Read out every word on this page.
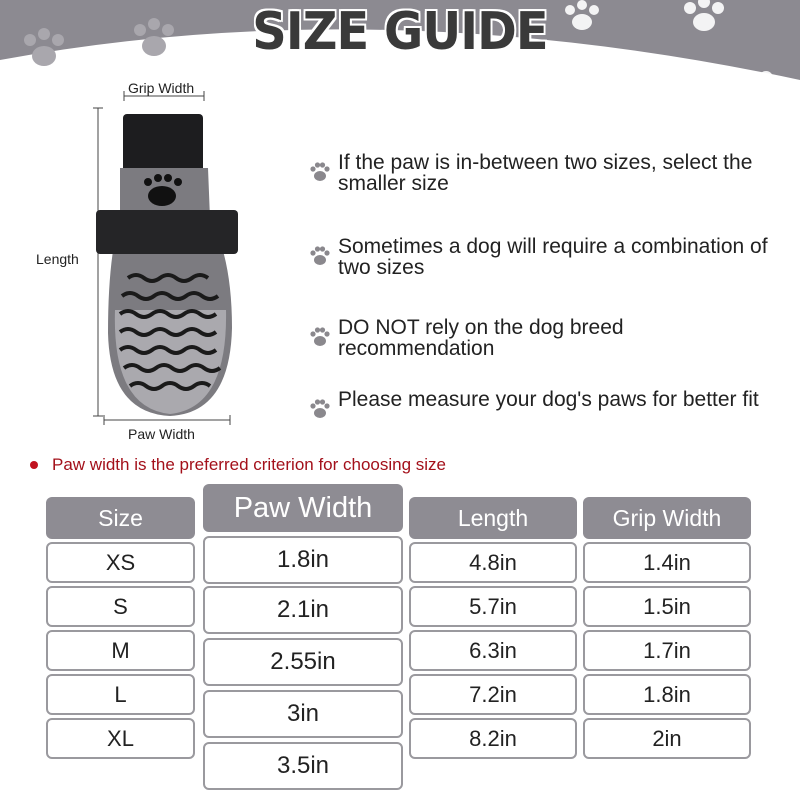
SIZE GUIDE
Grip Width
Length
Paw Width
If the paw is in-between two sizes, select the smaller size
Sometimes a dog will require a combination of two sizes
DO NOT rely on the dog breed recommendation
Please measure your dog's paws for better fit
Paw width is the preferred criterion for choosing size
Size
XS
S
M
L
XL
Paw Width
1.8in
2.1in
2.55in
3in
3.5in
Length
4.8in
5.7in
6.3in
7.2in
8.2in
Grip Width
1.4in
1.5in
1.7in
1.8in
2in
